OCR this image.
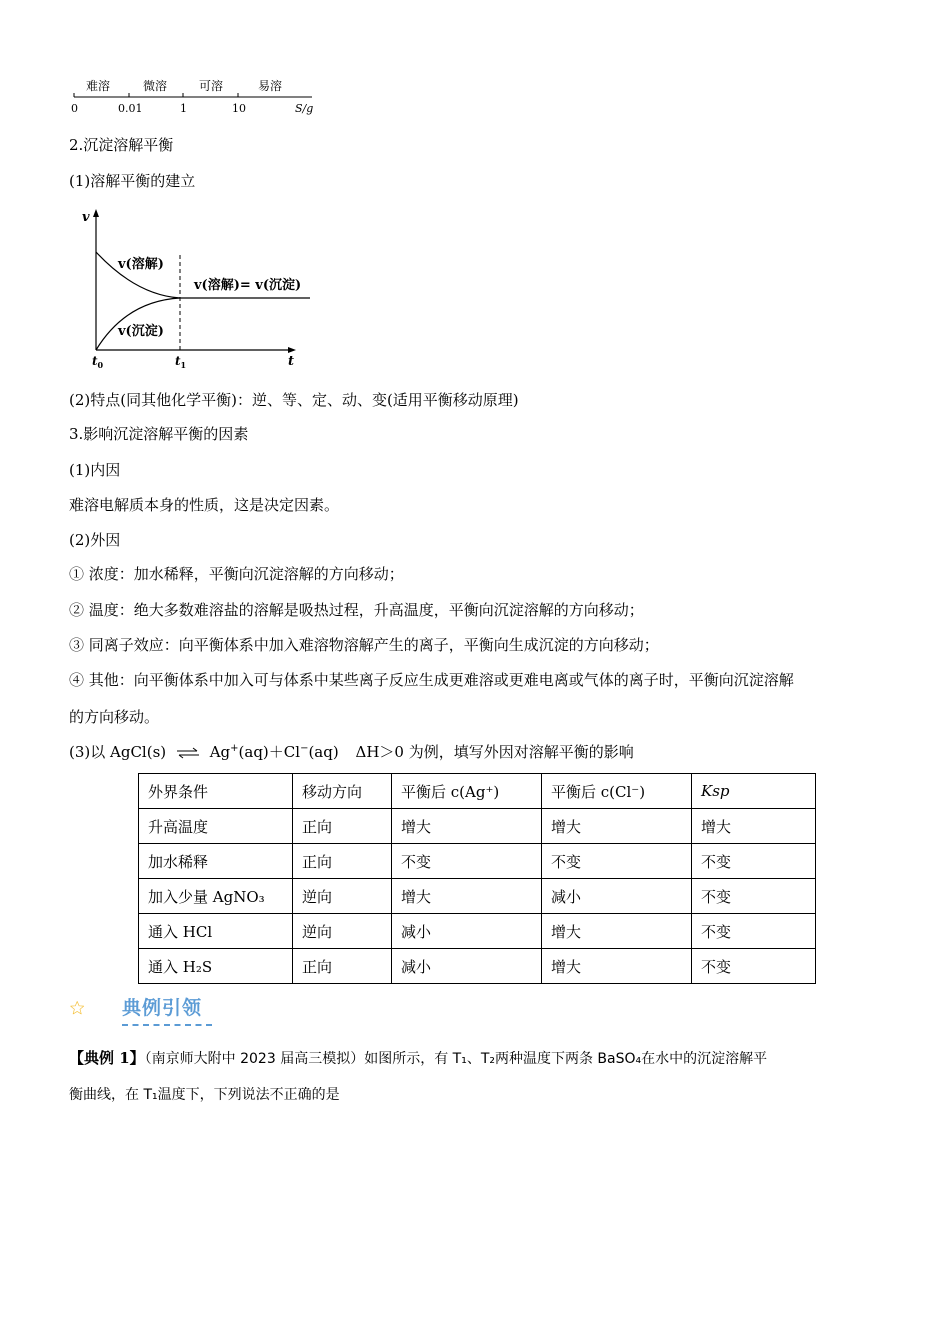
难溶	微溶	可溶	易溶
0	0.01	1	10	S/g
2.沉淀溶解平衡
(1)溶解平衡的建立
v
t
v(溶解)
v(沉淀)
v(溶解)= v(沉淀)
$t_0$	$t_1$
(2)特点(同其他化学平衡)：逆、等、定、动、变(适用平衡移动原理)
3.影响沉淀溶解平衡的因素
(1)内因
难溶电解质本身的性质，这是决定因素。
(2)外因
① 浓度：加水稀释，平衡向沉淀溶解的方向移动；
② 温度：绝大多数难溶盐的溶解是吸热过程，升高温度，平衡向沉淀溶解的方向移动；
③ 同离子效应：向平衡体系中加入难溶物溶解产生的离子，平衡向生成沉淀的方向移动；
④ 其他：向平衡体系中加入可与体系中某些离子反应生成更难溶或更难电离或气体的离子时，平衡向沉淀溶解
的方向移动。
(3)以 AgCl(s) ⇌ Ag+(aq)＋Cl−(aq) ΔH＞0 为例，填写外因对溶解平衡的影响
外界条件	移动方向	平衡后 c(Ag⁺)	平衡后 c(Cl⁻)	Ksp
升高温度	正向	增大	增大	增大
加水稀释	正向	不变	不变	不变
加入少量 AgNO₃	逆向	增大	减小	不变
通入 HCl	逆向	减小	增大	不变
通入 H₂S	正向	减小	增大	不变
典例引领
【典例 1】（南京师大附中 2023 届高三模拟）如图所示，有 T₁、T₂两种温度下两条 BaSO₄在水中的沉淀溶解平
衡曲线，在 T₁温度下，下列说法不正确的是
